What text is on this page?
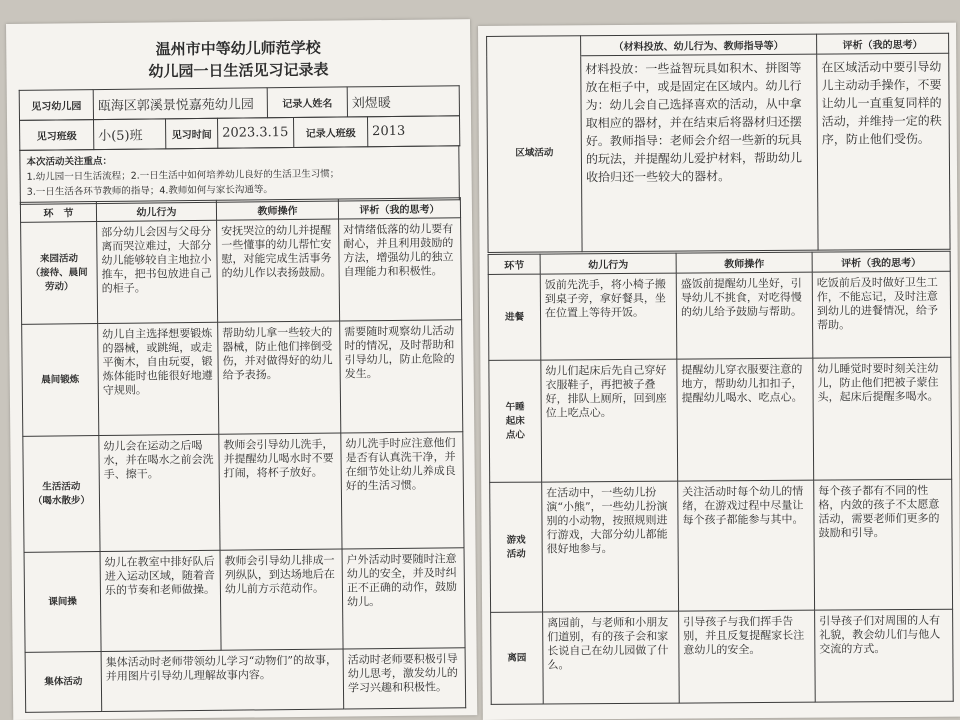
温州市中等幼儿师范学校
幼儿园一日生活见习记录表
见习幼儿园	瓯海区郭溪景悦嘉苑幼儿园	记录人姓名	刘煜暖
见习班级	小(5)班	见习时间	2023.3.15	记录人班级	2013
本次活动关注重点：
1.幼儿园一日生活流程；2.一日生活中如何培养幼儿良好的生活卫生习惯；
3.一日生活各环节教师的指导；4.教师如何与家长沟通等。
环　节	幼儿行为	教师操作	评析（我的思考）
来园活动
（接待、晨间
劳动）	部分幼儿会因与父母分离而哭泣难过，大部分幼儿能够较自主地拉小推车，把书包放进自己的柜子。	安抚哭泣的幼儿并提醒一些懂事的幼儿帮忙安慰，对能完成生活事务的幼儿作以表扬鼓励。	对情绪低落的幼儿要有耐心，并且利用鼓励的方法，增强幼儿的独立自理能力和积极性。
晨间锻炼	幼儿自主选择想要锻炼的器械，或跳绳，或走平衡木，自由玩耍，锻炼体能时也能很好地遵守规则。	帮助幼儿拿一些较大的器械，防止他们摔倒受伤，并对做得好的幼儿给予表扬。	需要随时观察幼儿活动时的情况，及时帮助和引导幼儿，防止危险的发生。
生活活动
（喝水散步）	幼儿会在运动之后喝水，并在喝水之前会洗手、擦干。	教师会引导幼儿洗手，并提醒幼儿喝水时不要打闹，将杯子放好。	幼儿洗手时应注意他们是否有认真洗干净，并在细节处让幼儿养成良好的生活习惯。
课间操	幼儿在教室中排好队后进入运动区域，随着音乐的节奏和老师做操。	教师会引导幼儿排成一列纵队，到达场地后在幼儿前方示范动作。	户外活动时要随时注意幼儿的安全，并及时纠正不正确的动作，鼓励幼儿。
集体活动	集体活动时老师带领幼儿学习“动物们”的故事，并用图片引导幼儿理解故事内容。		活动时老师要积极引导幼儿思考，激发幼儿的学习兴趣和积极性。
	（材料投放、幼儿行为、教师指导等）	评析（我的思考）
区域活动	材料投放：一些益智玩具如积木、拼图等放在柜子中，或是固定在区域内。幼儿行为：幼儿会自己选择喜欢的活动，从中拿取相应的器材，并在结束后将器材归还摆好。教师指导：老师会介绍一些新的玩具的玩法，并提醒幼儿爱护材料，帮助幼儿收拾归还一些较大的器材。	在区域活动中要引导幼儿主动动手操作，不要让幼儿一直重复同样的活动，并维持一定的秩序，防止他们受伤。
环节	幼儿行为	教师操作	评析（我的思考）
进餐	饭前先洗手，将小椅子搬到桌子旁，拿好餐具，坐在位置上等待开饭。	盛饭前提醒幼儿坐好，引导幼儿不挑食，对吃得慢的幼儿给予鼓励与帮助。	吃饭前后及时做好卫生工作，不能忘记，及时注意到幼儿的进餐情况，给予帮助。
午睡
起床
点心	幼儿们起床后先自己穿好衣服鞋子，再把被子叠好，排队上厕所，回到座位上吃点心。	提醒幼儿穿衣服要注意的地方，帮助幼儿扣扣子，提醒幼儿喝水、吃点心。	幼儿睡觉时要时刻关注幼儿，防止他们把被子蒙住头，起床后提醒多喝水。
游戏
活动	在活动中，一些幼儿扮演“小熊”，一些幼儿扮演别的小动物，按照规则进行游戏，大部分幼儿都能很好地参与。	关注活动时每个幼儿的情绪，在游戏过程中尽量让每个孩子都能参与其中。	每个孩子都有不同的性格，内敛的孩子不太愿意活动，需要老师们更多的鼓励和引导。
离园	离园前，与老师和小朋友们道别，有的孩子会和家长说自己在幼儿园做了什么。	引导孩子与我们挥手告别，并且反复提醒家长注意幼儿的安全。	引导孩子们对周围的人有礼貌，教会幼儿们与他人交流的方式。
